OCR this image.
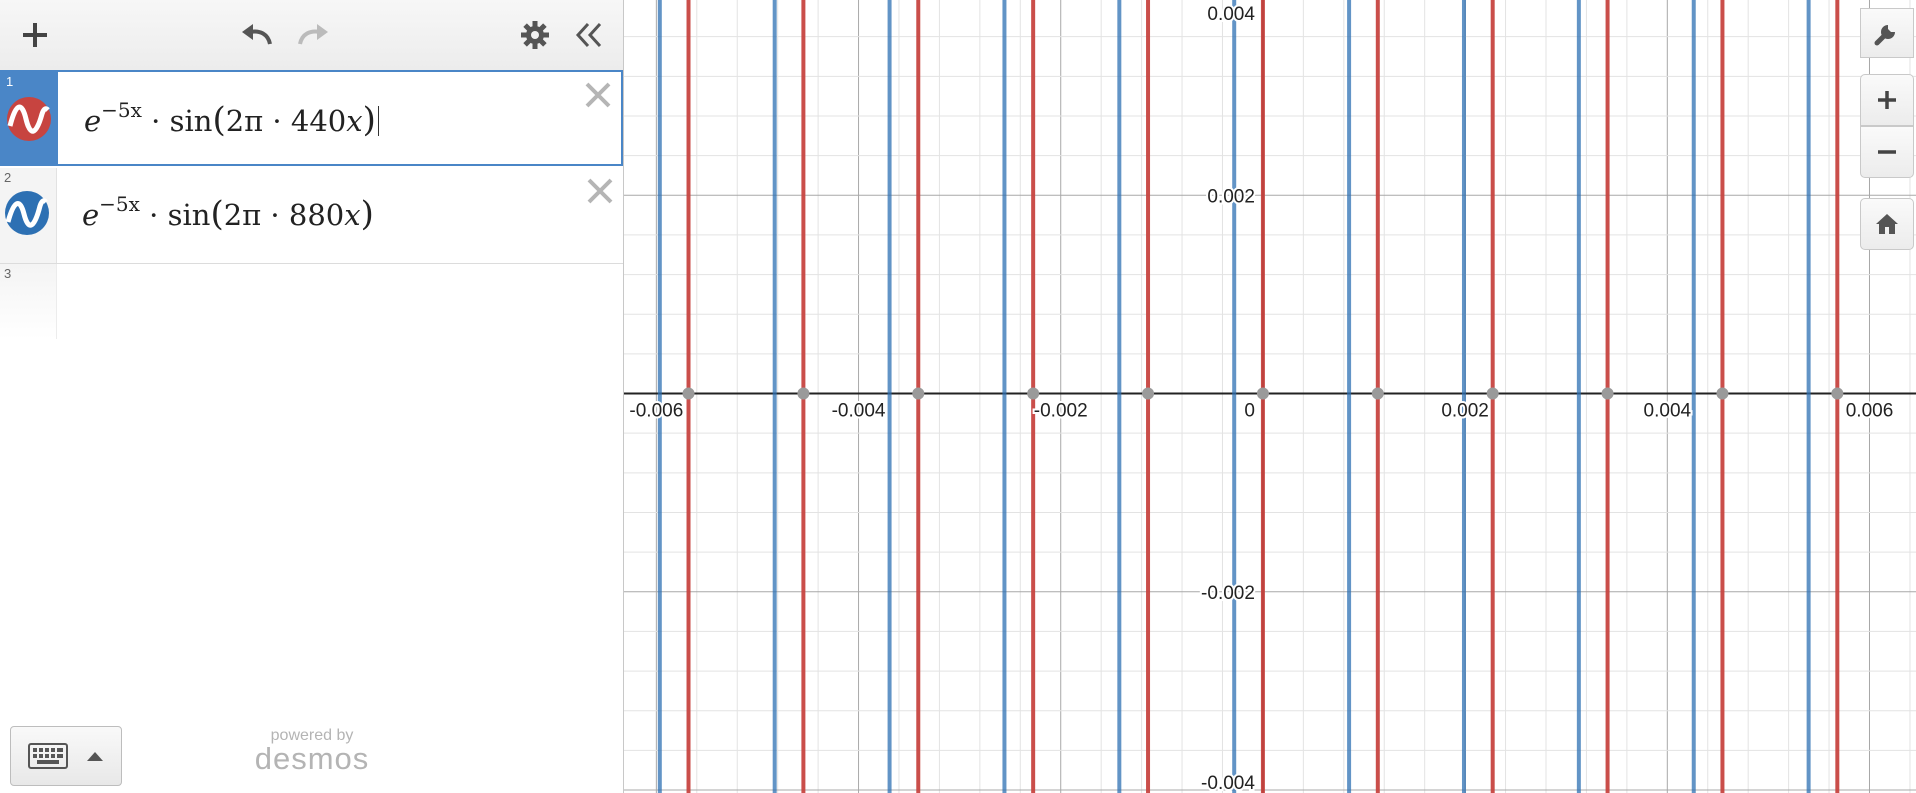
1
$e^{-5x} \cdot \sin(2\pi \cdot 440x)$
2
$e^{-5x} \cdot \sin(2\pi \cdot 880x)$
3
powered by
desmos
-0.006	-0.004	-0.002	0	0.002	0.004	0.006
0.004
0.002
-0.002
-0.004
